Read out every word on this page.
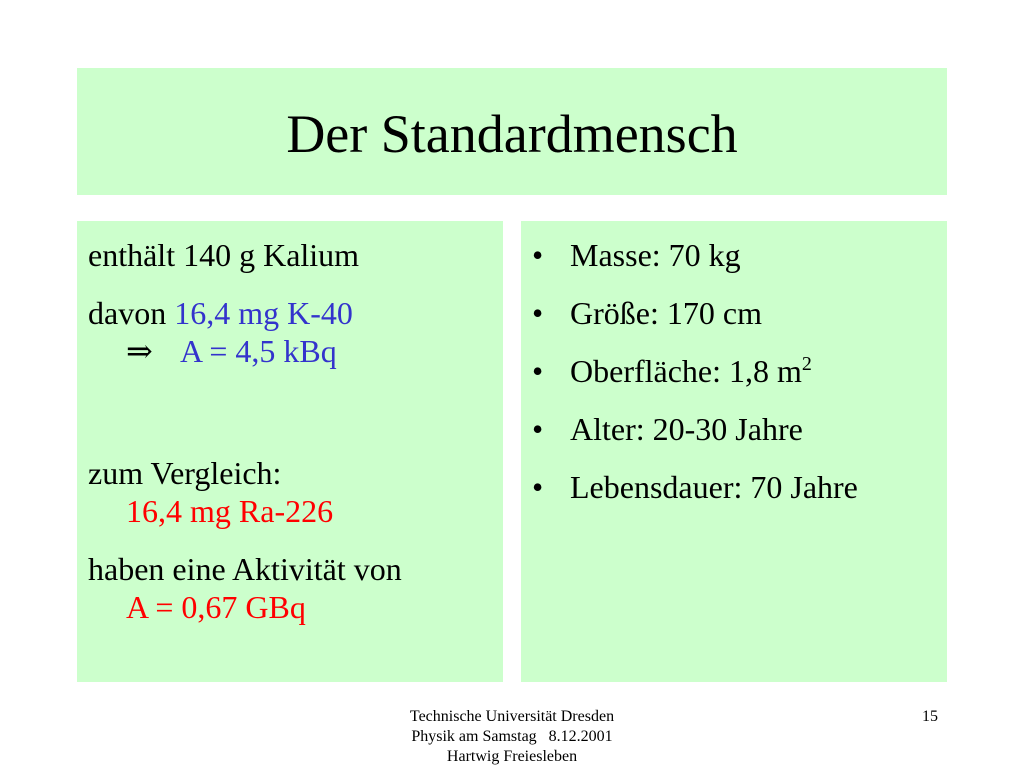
Der Standardmensch

enthält 140 g Kalium

davon 16,4 mg K-40

⇒ A = 4,5 kBq

zum Vergleich:

16,4 mg Ra-226

haben eine Aktivität von

A = 0,67 GBq

• Masse: 70 kg
• Größe: 170 cm
• Oberfläche: 1,8 $m^2$
• Alter: 20-30 Jahre
• Lebensdauer: 70 Jahre
Technische Universität Dresden
Physik am Samstag   8.12.2001
Hartwig Freiesleben
15
